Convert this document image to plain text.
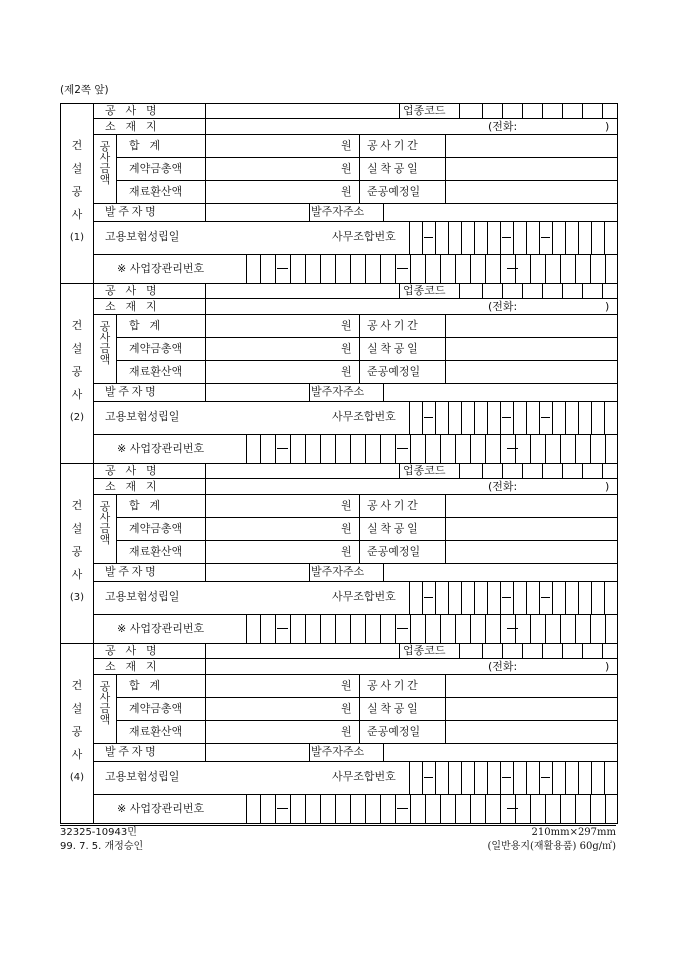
(제2쪽 앞)
건
설
공
사
(1)
공사명	업종코드
소재지	(전화:	)
공
사
금
액
합계	원 공사기간
계약금총액	원 실착공일
재료환산액	원 준공예정일
발주자명	발주자주소
고용보험성립일	사무조합번호
※ 사업장관리번호
건
설
공
사
(2)
공사명	업종코드
소재지	(전화:	)
공
사
금
액
합계	원 공사기간
계약금총액	원 실착공일
재료환산액	원 준공예정일
발주자명	발주자주소
고용보험성립일	사무조합번호
※ 사업장관리번호
건
설
공
사
(3)
공사명	업종코드
소재지	(전화:	)
공
사
금
액
합계	원 공사기간
계약금총액	원 실착공일
재료환산액	원 준공예정일
발주자명	발주자주소
고용보험성립일	사무조합번호
※ 사업장관리번호
건
설
공
사
(4)
공사명	업종코드
소재지	(전화:	)
공
사
금
액
합계	원 공사기간
계약금총액	원 실착공일
재료환산액	원 준공예정일
발주자명	발주자주소
고용보험성립일	사무조합번호
※ 사업장관리번호
32325-10943민
99. 7. 5. 개정승인
210mm×297mm
(일반용지(재활용품) 60g/㎡)
